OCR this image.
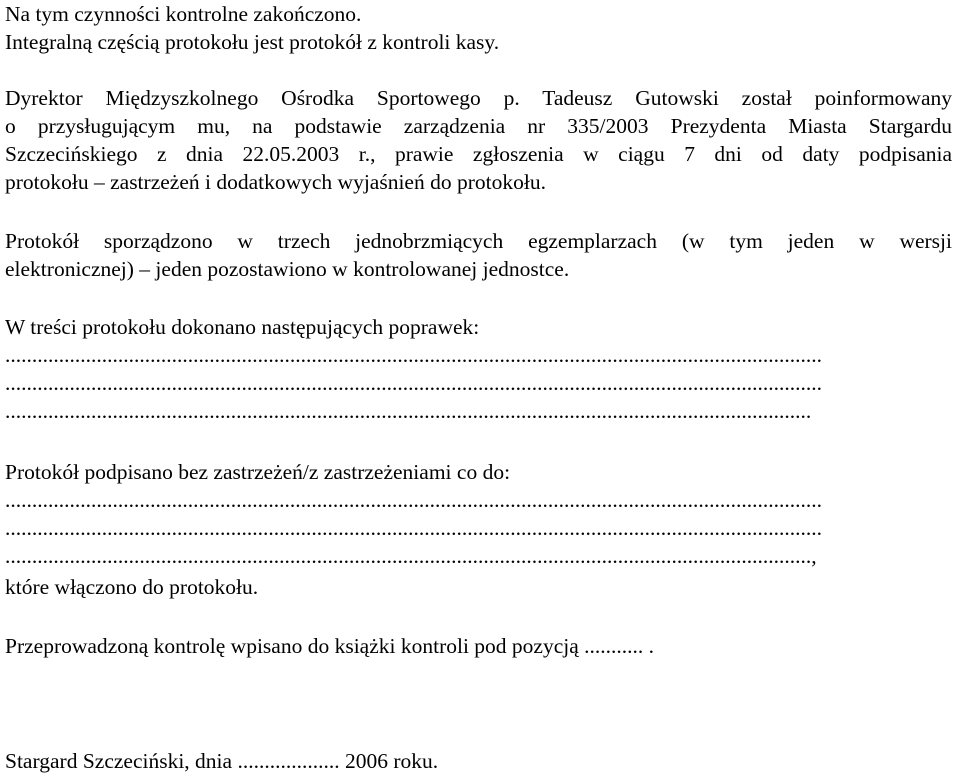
Na tym czynności kontrolne zakończono.
Integralną częścią protokołu jest protokół z kontroli kasy.
Dyrektor Międzyszkolnego Ośrodka Sportowego p. Tadeusz Gutowski został poinformowany
o przysługującym mu, na podstawie zarządzenia nr 335/2003 Prezydenta Miasta Stargardu
Szczecińskiego z dnia 22.05.2003 r., prawie zgłoszenia w ciągu 7 dni od daty podpisania
protokołu – zastrzeżeń i dodatkowych wyjaśnień do protokołu.
Protokół sporządzono w trzech jednobrzmiących egzemplarzach (w tym jeden w wersji
elektronicznej) – jeden pozostawiono w kontrolowanej jednostce.
W treści protokołu dokonano następujących poprawek:
........................................................................................................................................................
........................................................................................................................................................
......................................................................................................................................................
Protokół podpisano bez zastrzeżeń/z zastrzeżeniami co do:
........................................................................................................................................................
........................................................................................................................................................
......................................................................................................................................................,
które włączono do protokołu.
Przeprowadzoną kontrolę wpisano do książki kontroli pod pozycją ........... .
Stargard Szczeciński, dnia ................... 2006 roku.
